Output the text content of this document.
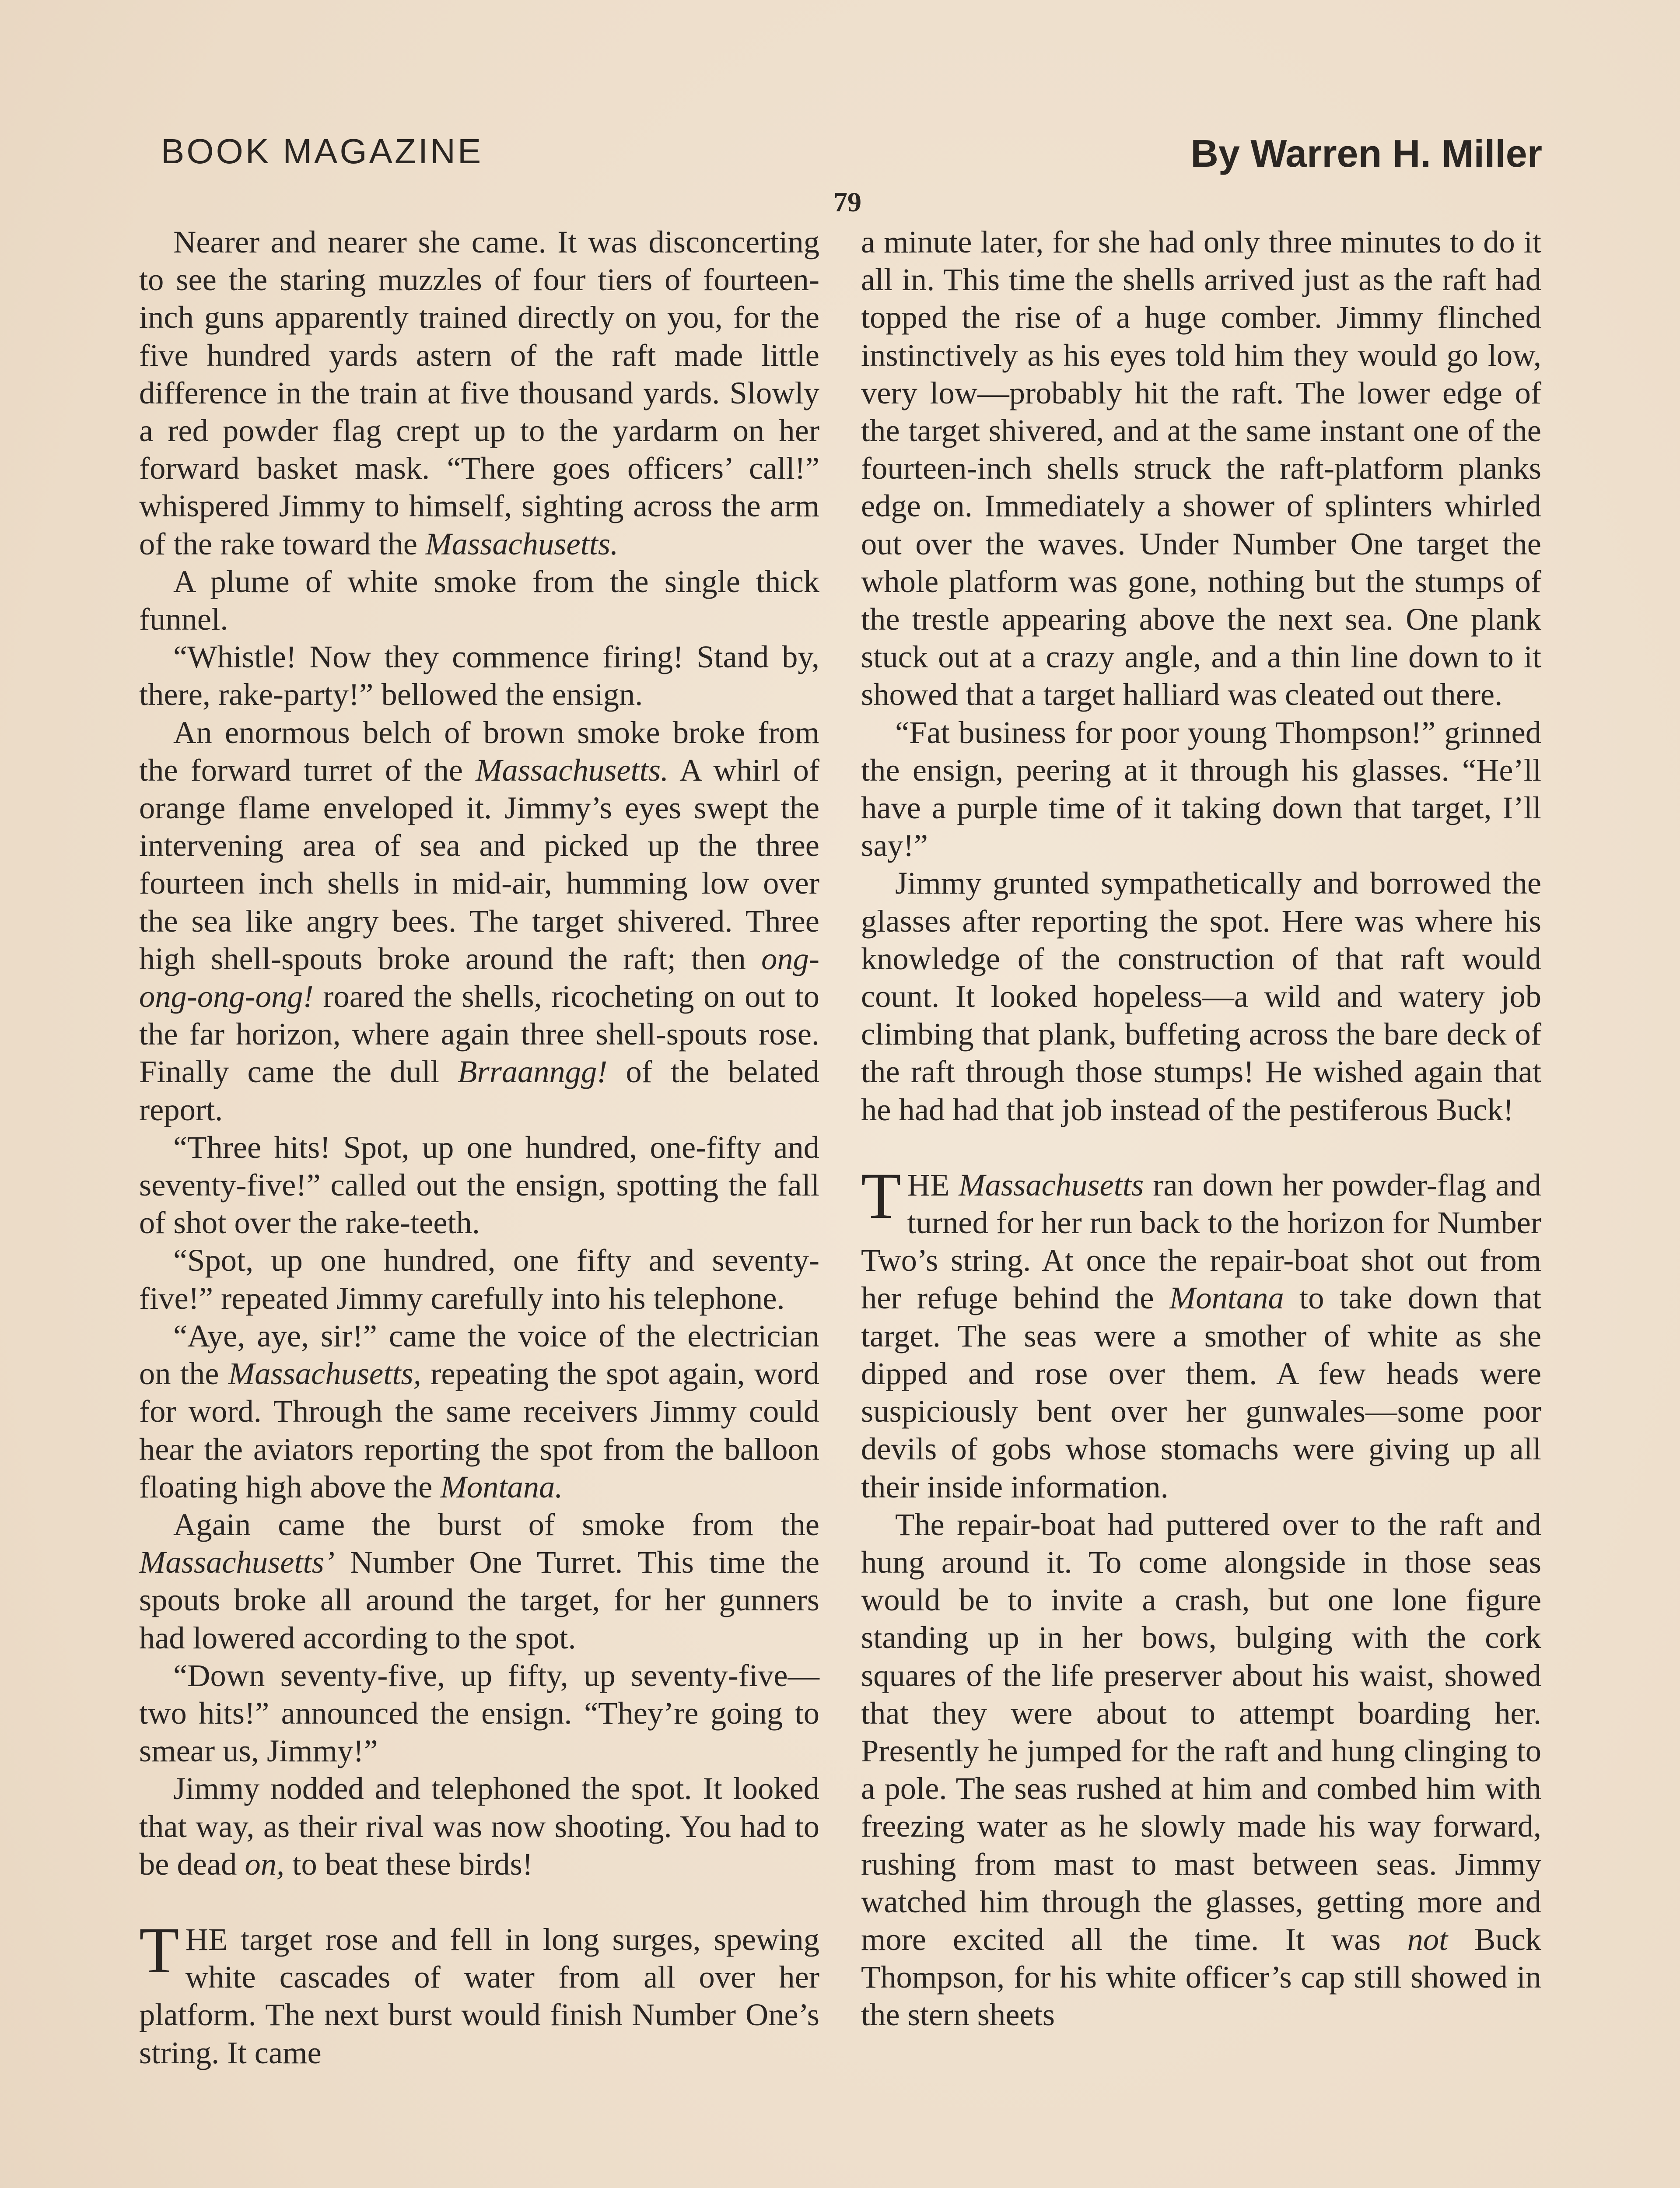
BOOK MAGAZINE	By Warren H. Miller
79

Nearer and nearer she came. It was disconcerting to see the staring muzzles of four tiers of fourteen-inch guns apparently trained directly on you, for the five hundred yards astern of the raft made little difference in the train at five thousand yards. Slowly a red powder flag crept up to the yardarm on her forward basket mask. “There goes officers’ call!” whispered Jimmy to himself, sighting across the arm of the rake toward the Massachusetts.

A plume of white smoke from the single thick funnel.

“Whistle! Now they commence firing! Stand by, there, rake-party!” bellowed the ensign.

An enormous belch of brown smoke broke from the forward turret of the Massachusetts. A whirl of orange flame enveloped it. Jimmy’s eyes swept the intervening area of sea and picked up the three fourteen inch shells in mid-air, humming low over the sea like angry bees. The target shivered. Three high shell-spouts broke around the raft; then ong-ong-ong-ong! roared the shells, ricocheting on out to the far horizon, where again three shell-spouts rose. Finally came the dull Brraanngg! of the belated report.

“Three hits! Spot, up one hundred, one-fifty and seventy-five!” called out the ensign, spotting the fall of shot over the rake-teeth.

“Spot, up one hundred, one fifty and seventy-five!” repeated Jimmy carefully into his telephone.

“Aye, aye, sir!” came the voice of the electrician on the Massachusetts, repeating the spot again, word for word. Through the same receivers Jimmy could hear the aviators reporting the spot from the balloon floating high above the Montana.

Again came the burst of smoke from the Massachusetts’ Number One Turret. This time the spouts broke all around the target, for her gunners had lowered according to the spot.

“Down seventy-five, up fifty, up seventy-five—two hits!” announced the ensign. “They’re going to smear us, Jimmy!”

Jimmy nodded and telephoned the spot. It looked that way, as their rival was now shooting. You had to be dead on, to beat these birds!

THE target rose and fell in long surges, spewing white cascades of water from all over her platform. The next burst would finish Number One’s string. It came

a minute later, for she had only three minutes to do it all in. This time the shells arrived just as the raft had topped the rise of a huge comber. Jimmy flinched instinctively as his eyes told him they would go low, very low—probably hit the raft. The lower edge of the target shivered, and at the same instant one of the fourteen-inch shells struck the raft-platform planks edge on. Immediately a shower of splinters whirled out over the waves. Under Number One target the whole platform was gone, nothing but the stumps of the trestle appearing above the next sea. One plank stuck out at a crazy angle, and a thin line down to it showed that a target halliard was cleated out there.

“Fat business for poor young Thompson!” grinned the ensign, peering at it through his glasses. “He’ll have a purple time of it taking down that target, I’ll say!”

Jimmy grunted sympathetically and borrowed the glasses after reporting the spot. Here was where his knowledge of the construction of that raft would count. It looked hopeless—a wild and watery job climbing that plank, buffeting across the bare deck of the raft through those stumps! He wished again that he had had that job instead of the pestiferous Buck!

THE Massachusetts ran down her powder-flag and turned for her run back to the horizon for Number Two’s string. At once the repair-boat shot out from her refuge behind the Montana to take down that target. The seas were a smother of white as she dipped and rose over them. A few heads were suspiciously bent over her gunwales—some poor devils of gobs whose stomachs were giving up all their inside information.

The repair-boat had puttered over to the raft and hung around it. To come alongside in those seas would be to invite a crash, but one lone figure standing up in her bows, bulging with the cork squares of the life preserver about his waist, showed that they were about to attempt boarding her. Presently he jumped for the raft and hung clinging to a pole. The seas rushed at him and combed him with freezing water as he slowly made his way forward, rushing from mast to mast between seas. Jimmy watched him through the glasses, getting more and more excited all the time. It was not Buck Thompson, for his white officer’s cap still showed in the stern sheets
